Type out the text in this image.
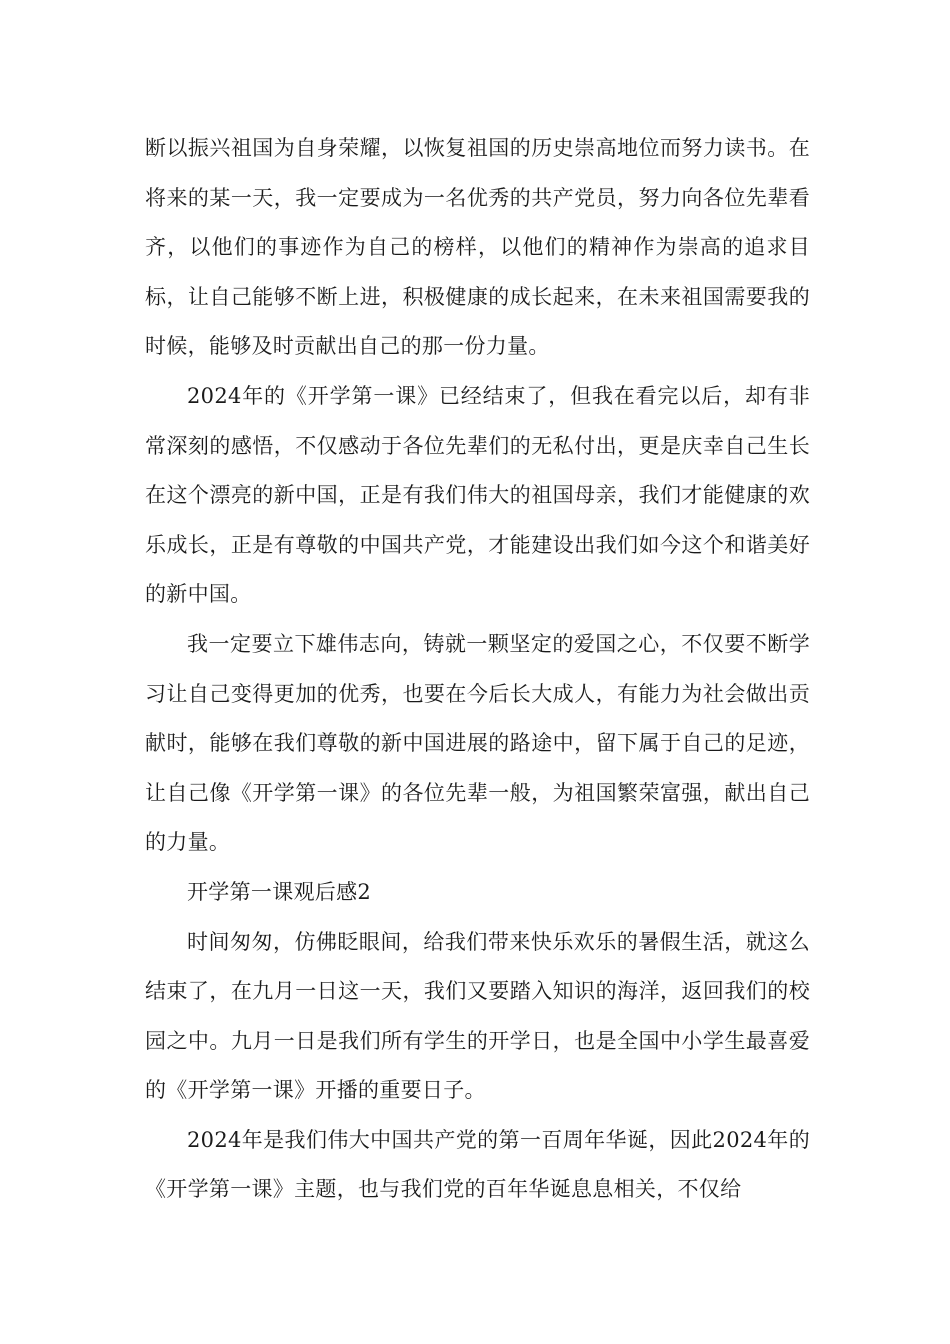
断以振兴祖国为自身荣耀，以恢复祖国的历史崇高地位而努力读书。在将来的某一天，我一定要成为一名优秀的共产党员，努力向各位先辈看齐，以他们的事迹作为自己的榜样，以他们的精神作为崇高的追求目标，让自己能够不断上进，积极健康的成长起来，在未来祖国需要我的时候，能够及时贡献出自己的那一份力量。

2024年的《开学第一课》已经结束了，但我在看完以后，却有非常深刻的感悟，不仅感动于各位先辈们的无私付出，更是庆幸自己生长在这个漂亮的新中国，正是有我们伟大的祖国母亲，我们才能健康的欢乐成长，正是有尊敬的中国共产党，才能建设出我们如今这个和谐美好的新中国。

我一定要立下雄伟志向，铸就一颗坚定的爱国之心，不仅要不断学习让自己变得更加的优秀，也要在今后长大成人，有能力为社会做出贡献时，能够在我们尊敬的新中国进展的路途中，留下属于自己的足迹，让自己像《开学第一课》的各位先辈一般，为祖国繁荣富强，献出自己的力量。

开学第一课观后感2

时间匆匆，仿佛眨眼间，给我们带来快乐欢乐的暑假生活，就这么结束了，在九月一日这一天，我们又要踏入知识的海洋，返回我们的校园之中。九月一日是我们所有学生的开学日，也是全国中小学生最喜爱的《开学第一课》开播的重要日子。

2024年是我们伟大中国共产党的第一百周年华诞，因此2024年的《开学第一课》主题，也与我们党的百年华诞息息相关，不仅给
